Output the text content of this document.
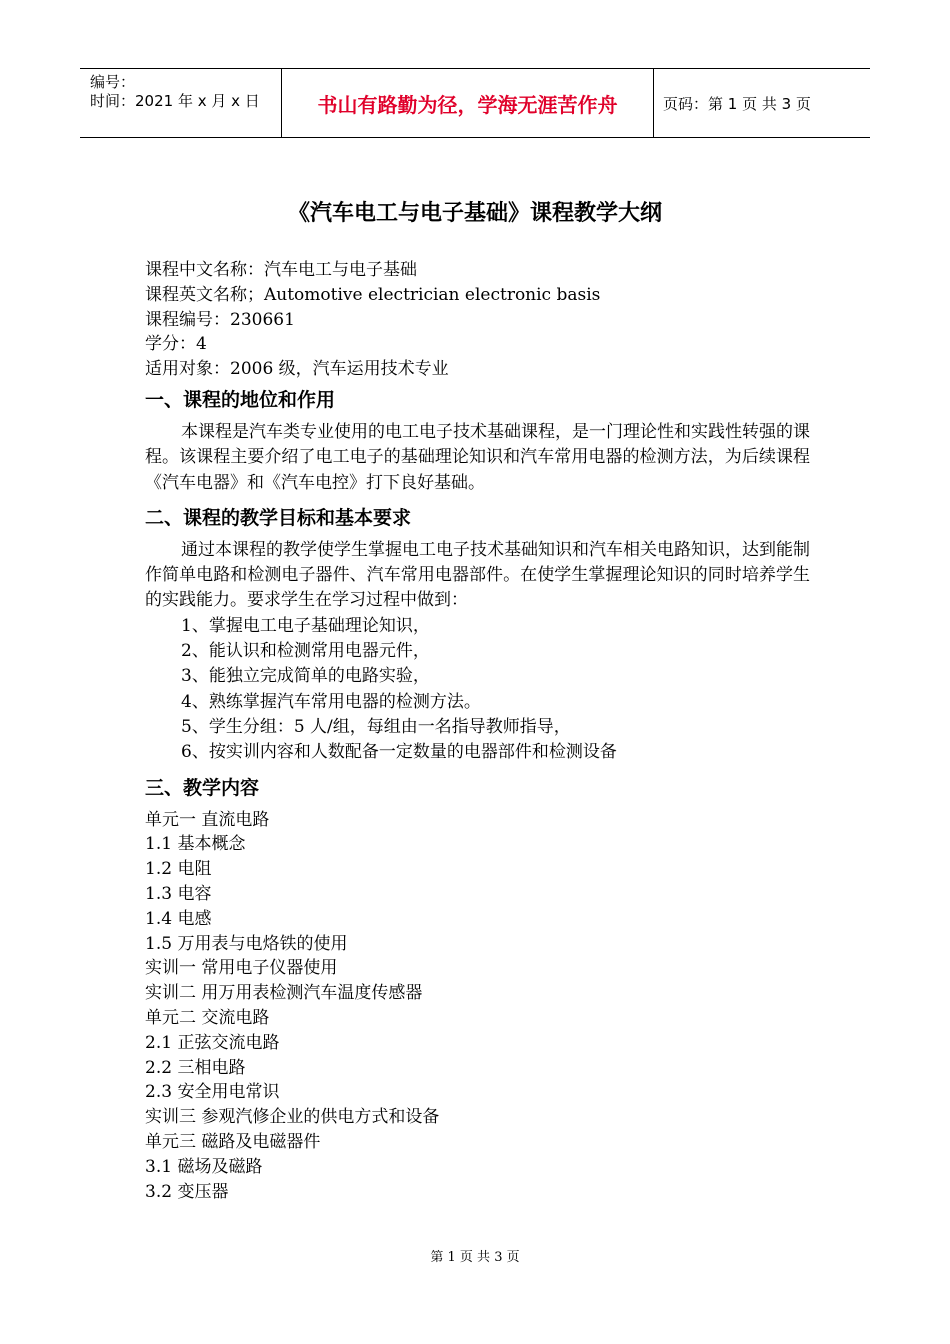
编号：
时间：2021 年 x 月 x 日	书山有路勤为径，学海无涯苦作舟	页码：第 1 页 共 3 页
《汽车电工与电子基础》课程教学大纲
课程中文名称：汽车电工与电子基础
课程英文名称；Automotive electrician electronic basis
课程编号：230661
学分：4
适用对象：2006 级，汽车运用技术专业
一、课程的地位和作用
本课程是汽车类专业使用的电工电子技术基础课程，是一门理论性和实践性转强的课程。该课程主要介绍了电工电子的基础理论知识和汽车常用电器的检测方法，为后续课程《汽车电器》和《汽车电控》打下良好基础。
二、课程的教学目标和基本要求
通过本课程的教学使学生掌握电工电子技术基础知识和汽车相关电路知识，达到能制作简单电路和检测电子器件、汽车常用电器部件。在使学生掌握理论知识的同时培养学生的实践能力。要求学生在学习过程中做到：
1、掌握电工电子基础理论知识，
2、能认识和检测常用电器元件，
3、能独立完成简单的电路实验，
4、熟练掌握汽车常用电器的检测方法。
5、学生分组：5 人/组，每组由一名指导教师指导，
6、按实训内容和人数配备一定数量的电器部件和检测设备
三、教学内容
单元一 直流电路
1.1 基本概念
1.2 电阻
1.3 电容
1.4 电感
1.5 万用表与电烙铁的使用
实训一 常用电子仪器使用
实训二 用万用表检测汽车温度传感器
单元二 交流电路
2.1 正弦交流电路
2.2 三相电路
2.3 安全用电常识
实训三 参观汽修企业的供电方式和设备
单元三 磁路及电磁器件
3.1 磁场及磁路
3.2 变压器
第 1 页 共 3 页
